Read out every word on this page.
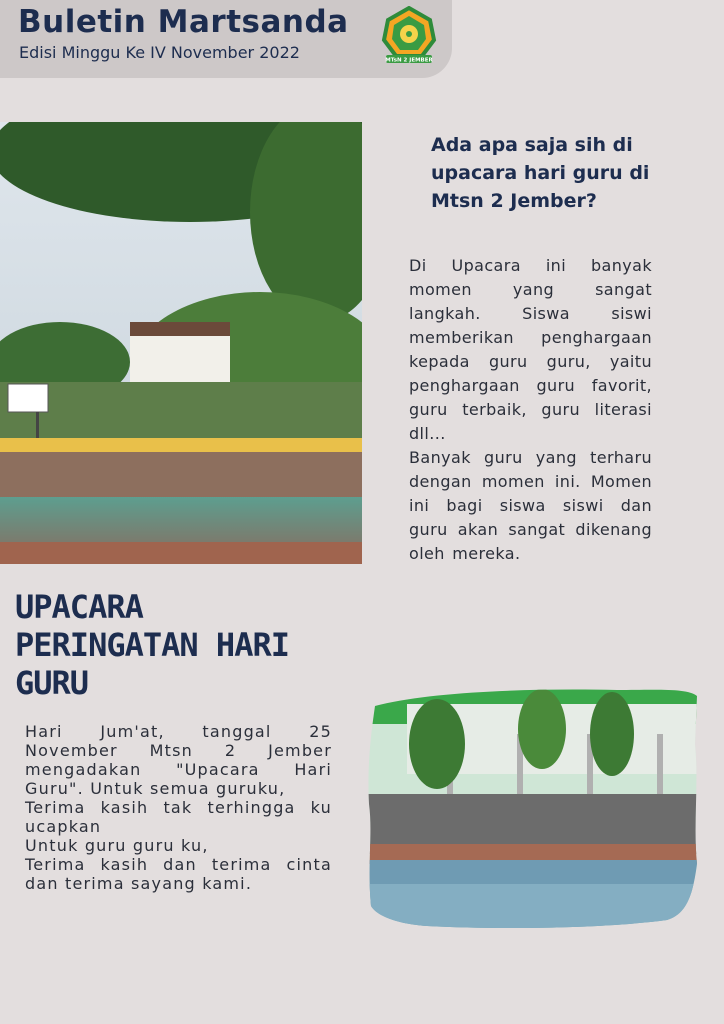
Buletin Martsanda
Edisi Minggu Ke IV November 2022	MTsN 2 JEMBER
Ada apa saja sih di upacara hari guru di Mtsn 2 Jember?

Di Upacara ini banyak momen yang sangat langkah. Siswa siswi memberikan penghargaan kepada guru guru, yaitu penghargaan guru favorit, guru terbaik, guru literasi dll...

Banyak guru yang terharu dengan momen ini. Momen ini bagi siswa siswi dan guru akan sangat dikenang oleh mereka.

UPACARA
PERINGATAN HARI
GURU

Hari Jum'at, tanggal 25 November Mtsn 2 Jember mengadakan "Upacara Hari Guru". Untuk semua guruku,

Terima kasih tak terhingga ku ucapkan

Untuk guru guru ku,

Terima kasih dan terima cinta dan terima sayang kami.
